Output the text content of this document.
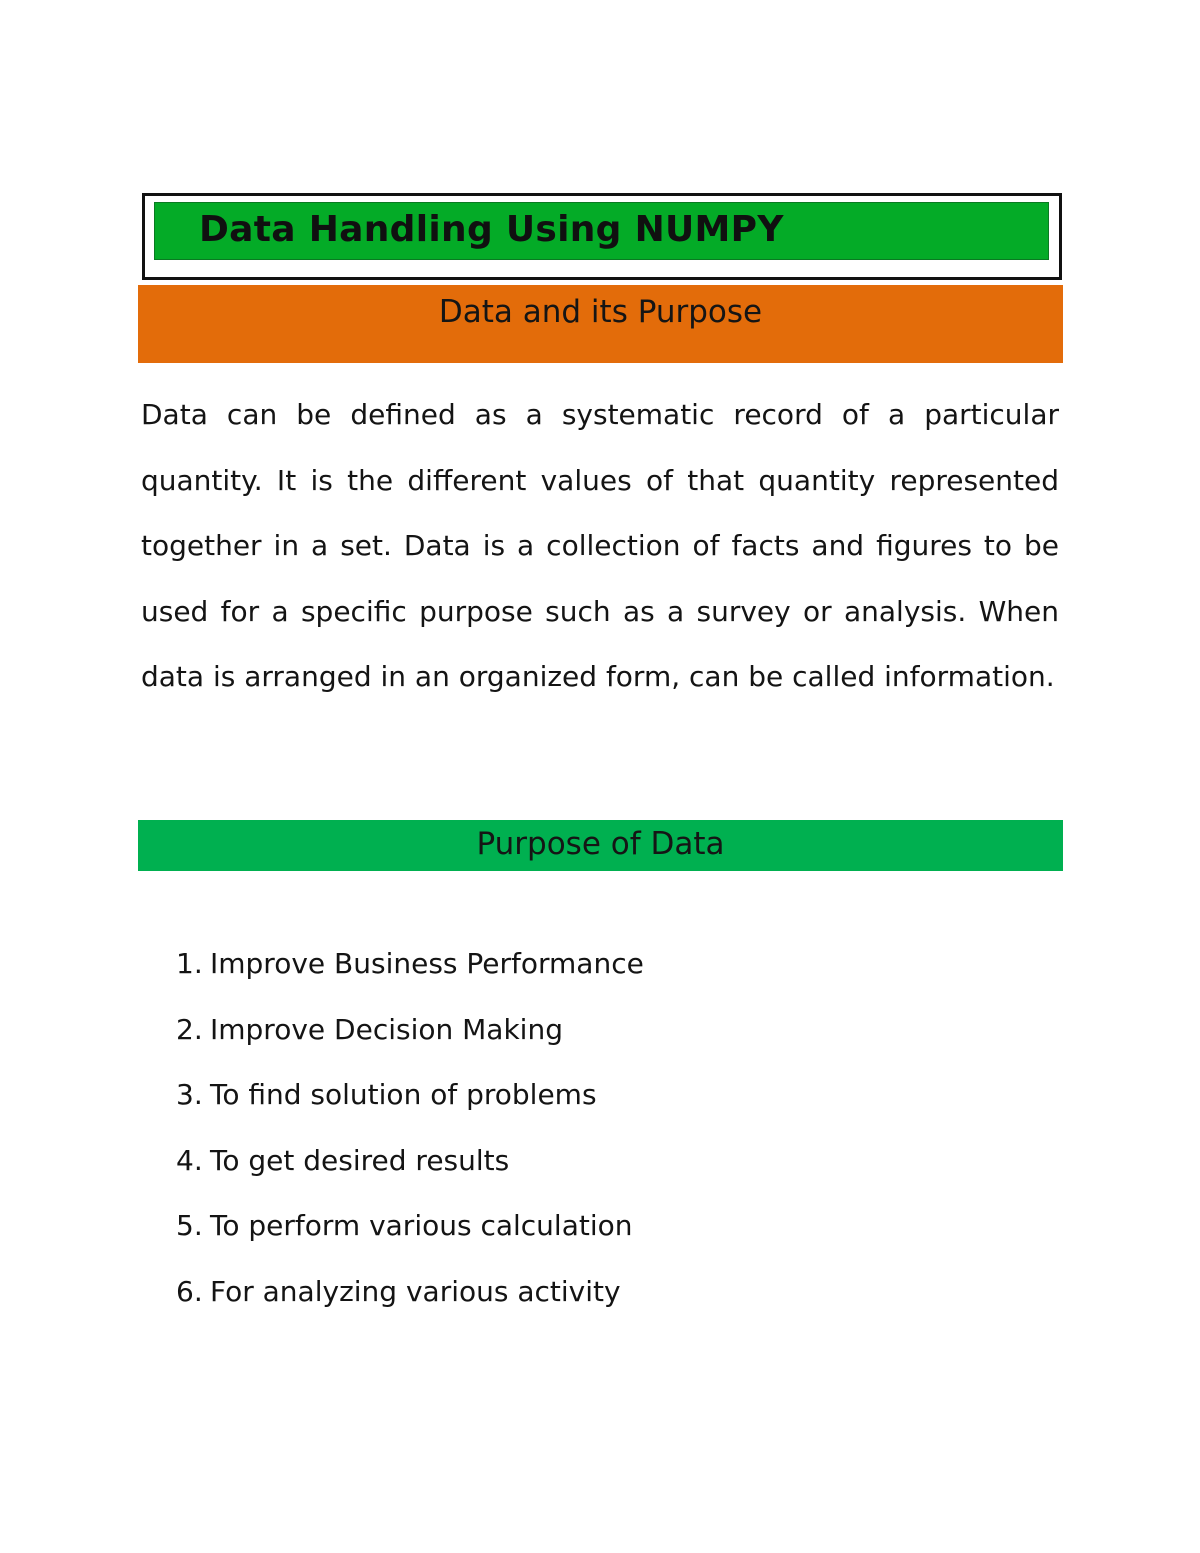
Data Handling Using NUMPY
Data and its Purpose

Data can be defined as a systematic record of a particular quantity. It is the different values of that quantity represented together in a set. Data is a collection of facts and figures to be used for a specific purpose such as a survey or analysis. When data is arranged in an organized form, can be called information.

Purpose of Data
1. Improve Business Performance
2. Improve Decision Making
3. To find solution of problems
4. To get desired results
5. To perform various calculation
6. For analyzing various activity
